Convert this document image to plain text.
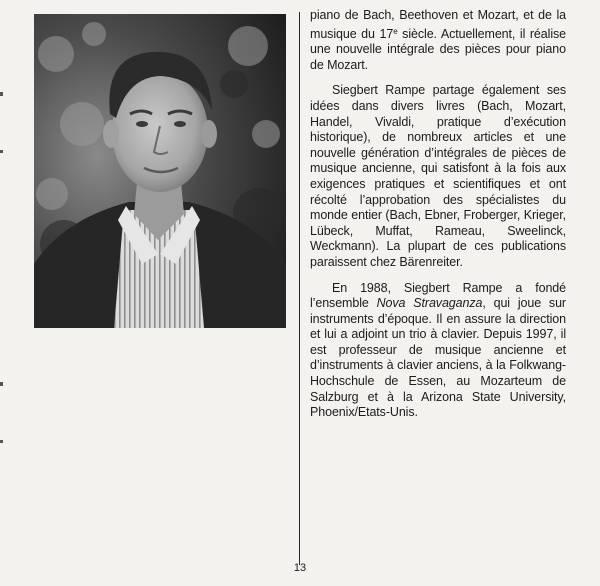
piano de Bach, Beethoven et Mozart, et de la musique du 17e siècle. Actuellement, il réalise une nouvelle intégrale des pièces pour piano de Mozart.

Siegbert Rampe partage également ses idées dans divers livres (Bach, Mozart, Handel, Vivaldi, pratique d’exécution historique), de nombreux articles et une nouvelle génération d’intégrales de pièces de musique ancienne, qui satisfont à la fois aux exigences pratiques et scientifiques et ont récolté l’approbation des spécialistes du monde entier (Bach, Ebner, Froberger, Krieger, Lübeck, Muffat, Rameau, Sweelinck, Weckmann). La plupart de ces publications paraissent chez Bärenreiter.

En 1988, Siegbert Rampe a fondé l’ensemble Nova Stravaganza, qui joue sur instruments d’époque. Il en assure la direction et lui a adjoint un trio à clavier. Depuis 1997, il est professeur de musique ancienne et d’instruments à clavier anciens, à la Folkwang-Hochschule de Essen, au Mozarteum de Salzburg et à la Arizona State University, Phoenix/Etats-Unis.

13
